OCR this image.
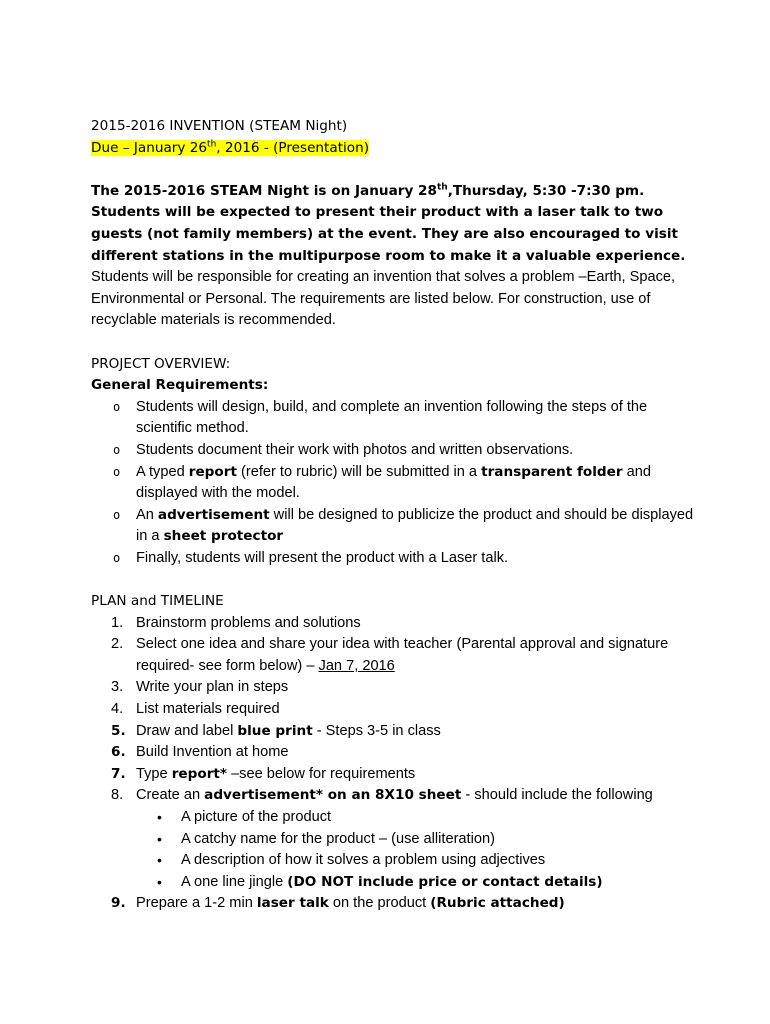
2015-2016 INVENTION (STEAM Night)

Due – January 26th, 2016 - (Presentation)

The 2015-2016 STEAM Night is on January 28th,Thursday, 5:30 -7:30 pm. Students will be expected to present their product with a laser talk to two guests (not family members) at the event. They are also encouraged to visit different stations in the multipurpose room to make it a valuable experience.

Students will be responsible for creating an invention that solves a problem –Earth, Space, Environmental or Personal. The requirements are listed below. For construction, use of recyclable materials is recommended.

PROJECT OVERVIEW:

General Requirements:

o Students will design, build, and complete an invention following the steps of the scientific method.
o Students document their work with photos and written observations.
o A typed report (refer to rubric) will be submitted in a transparent folder and displayed with the model.
o An advertisement will be designed to publicize the product and should be displayed in a sheet protector
o Finally, students will present the product with a Laser talk.

PLAN and TIMELINE

1. Brainstorm problems and solutions
2. Select one idea and share your idea with teacher (Parental approval and signature required- see form below) – Jan 7, 2016
3. Write your plan in steps
4. List materials required
5. Draw and label blue print - Steps 3-5 in class
6. Build Invention at home
7. Type report* –see below for requirements
8. Create an advertisement* on an 8X10 sheet - should include the following
• A picture of the product
• A catchy name for the product – (use alliteration)
• A description of how it solves a problem using adjectives
• A one line jingle (DO NOT include price or contact details)
9. Prepare a 1-2 min laser talk on the product (Rubric attached)
